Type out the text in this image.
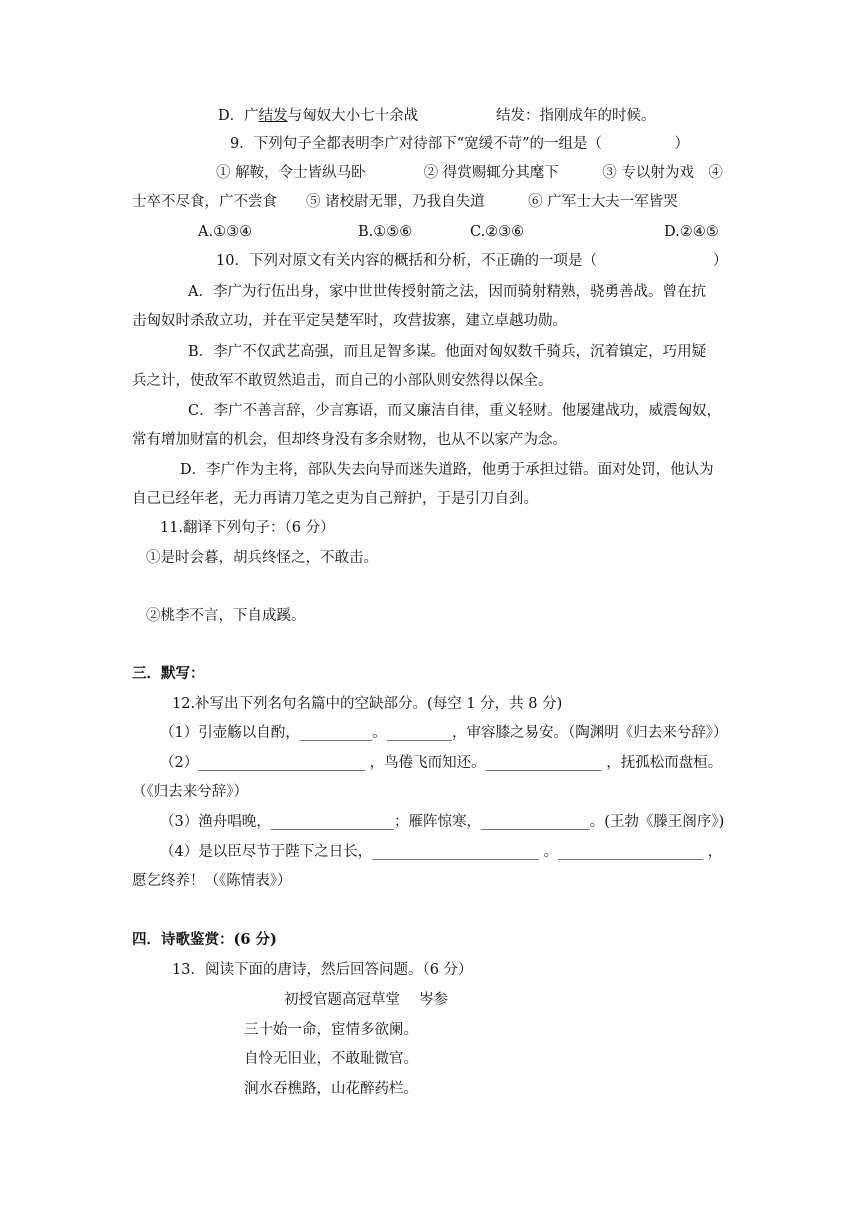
D．广结发与匈奴大小七十余战	结发：指刚成年的时候。
9．下列句子全都表明李广对待部下“宽缓不苛”的一组是（　　　　　）
① 解鞍，令士皆纵马卧　　　　② 得赏赐辄分其麾下　　　③ 专以射为戏　④
士卒不尽食，广不尝食　　⑤ 诸校尉无罪，乃我自失道　　　⑥ 广军士大夫一军皆哭
A.①③④	B.①⑤⑥	C.②③⑥	D.②④⑤
10．下列对原文有关内容的概括和分析，不正确的一项是（　　　　　　　　）
A．李广为行伍出身，家中世世传授射箭之法，因而骑射精熟，骁勇善战。曾在抗
击匈奴时杀敌立功，并在平定吴楚军时，攻营拔寨，建立卓越功勋。
B．李广不仅武艺高强，而且足智多谋。他面对匈奴数千骑兵，沉着镇定，巧用疑
兵之计，使敌军不敢贸然追击，而自己的小部队则安然得以保全。
C．李广不善言辞，少言寡语，而又廉洁自律，重义轻财。他屡建战功，威震匈奴，
常有增加财富的机会，但却终身没有多余财物，也从不以家产为念。
D．李广作为主将，部队失去向导而迷失道路，他勇于承担过错。面对处罚，他认为
自己已经年老，无力再请刀笔之吏为自己辩护，于是引刀自刭。
11.翻译下列句子：（6 分）
①是时会暮，胡兵终怪之，不敢击。
②桃李不言，下自成蹊。
三．默写：
12.补写出下列名句名篇中的空缺部分。(每空 1 分，共 8 分)
（1）引壶觞以自酌，__________。_________，审容膝之易安。（陶渊明《归去来兮辞》）
（2）_______________________ ，鸟倦飞而知还。________________ ，抚孤松而盘桓。
（《归去来兮辞》）
（3）渔舟唱晚，_________________；雁阵惊寒，_______________。(王勃《滕王阁序》)
（4）是以臣尽节于陛下之日长，_______________________ 。____________________ ，
愿乞终养！（《陈情表》）
四．诗歌鉴赏：(6 分)
13．阅读下面的唐诗，然后回答问题。（6 分）
初授官题高冠草堂　 岑参
三十始一命，宦情多欲阑。
自怜无旧业，不敢耻微官。
涧水吞樵路，山花醉药栏。
